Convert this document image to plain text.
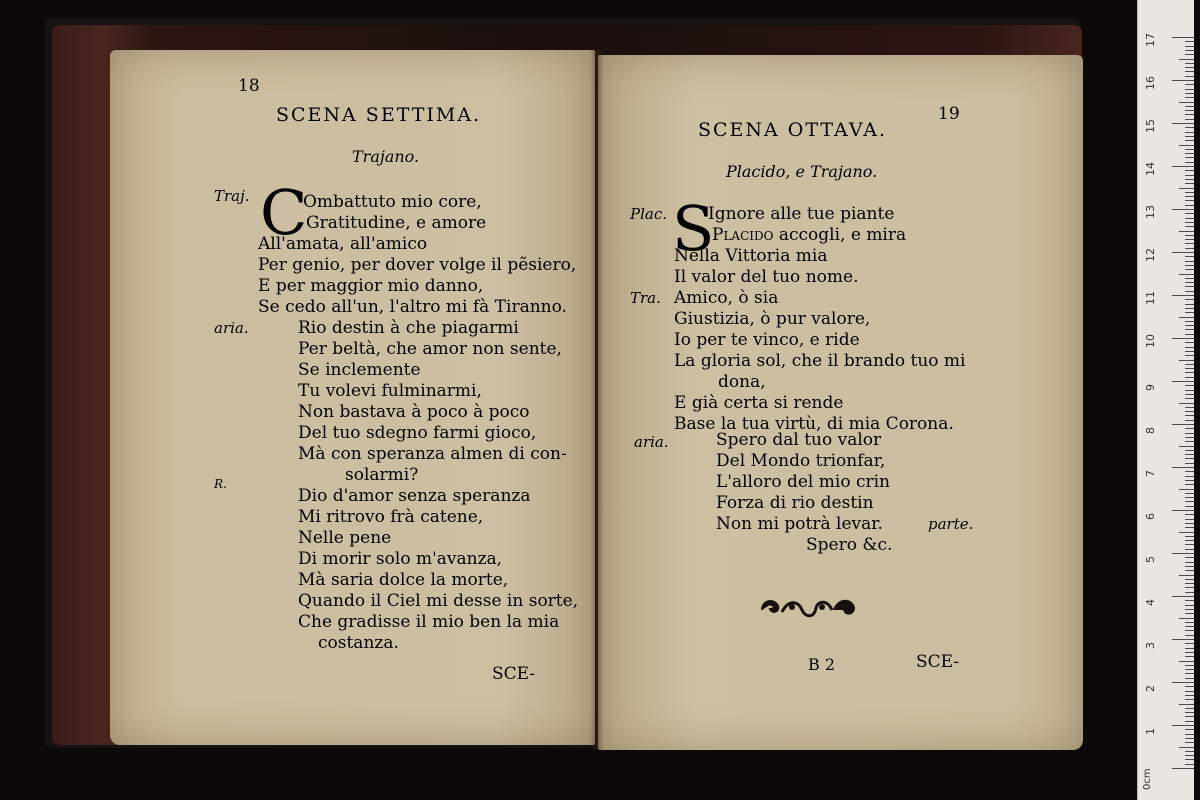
18
SCENA SETTIMA.
Trajano.
Traj. C
Ombattuto mio core,
Gratitudine, e amore
All'amata, all'amico
Per genio, per dover volge il pẽsiero,
E per maggior mio danno,
Se cedo all'un, l'altro mi fà Tiranno.
aria.	Rio destin à che piagarmi
Per beltà, che amor non sente,
Se inclemente
Tu volevi fulminarmi,
Non bastava à poco à poco
Del tuo sdegno farmi gioco,
Mà con speranza almen di con-
solarmi?
R.
Dio d'amor senza speranza
Mi ritrovo frà catene,
Nelle pene
Di morir solo m'avanza,
Mà saria dolce la morte,
Quando il Ciel mi desse in sorte,
Che gradisse il mio ben la mia
costanza.
SCE-
19
SCENA OTTAVA.
Placido, e Trajano.
Plac. S
Ignore alle tue piante
Placido accogli, e mira
Nella Vittoria mia
Il valor del tuo nome.
Tra. Amico, ò sia
Giustizia, ò pur valore,
Io per te vinco, e ride
La gloria sol, che il brando tuo mi
dona,
E già certa si rende
Base la tua virtù, di mia Corona.
aria.	Spero dal tuo valor
Del Mondo trionfar,
L'alloro del mio crin
Forza di rio destin
Non mi potrà levar.	parte.
Spero &c.
B 2	SCE-
17
16
15
14
13
12
11
10
9
8
7
6
5
4
3
2
1
0cm
